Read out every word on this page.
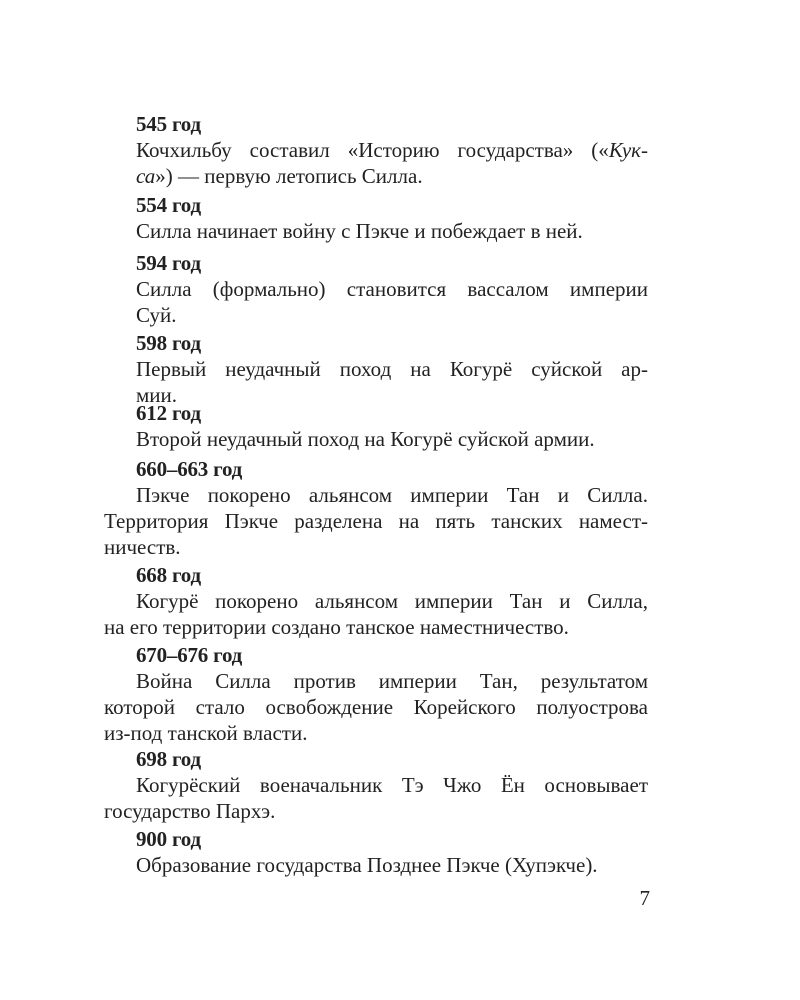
545 год
Кочхильбу составил «Историю государства» («Кук-
са») — первую летопись Силла.
554 год
Силла начинает войну с Пэкче и побеждает в ней.
594 год
Силла (формально) становится вассалом империи
Суй.
598 год
Первый неудачный поход на Когурё суйской ар-
мии.
612 год
Второй неудачный поход на Когурё суйской армии.
660–663 год
Пэкче покорено альянсом империи Тан и Силла.
Территория Пэкче разделена на пять танских намест-
ничеств.
668 год
Когурё покорено альянсом империи Тан и Силла,
на его территории создано танское наместничество.
670–676 год
Война Силла против империи Тан, результатом
которой стало освобождение Корейского полуострова
из-под танской власти.
698 год
Когурёский военачальник Тэ Чжо Ён основывает
государство Пархэ.
900 год
Образование государства Позднее Пэкче (Хупэкче).
7
